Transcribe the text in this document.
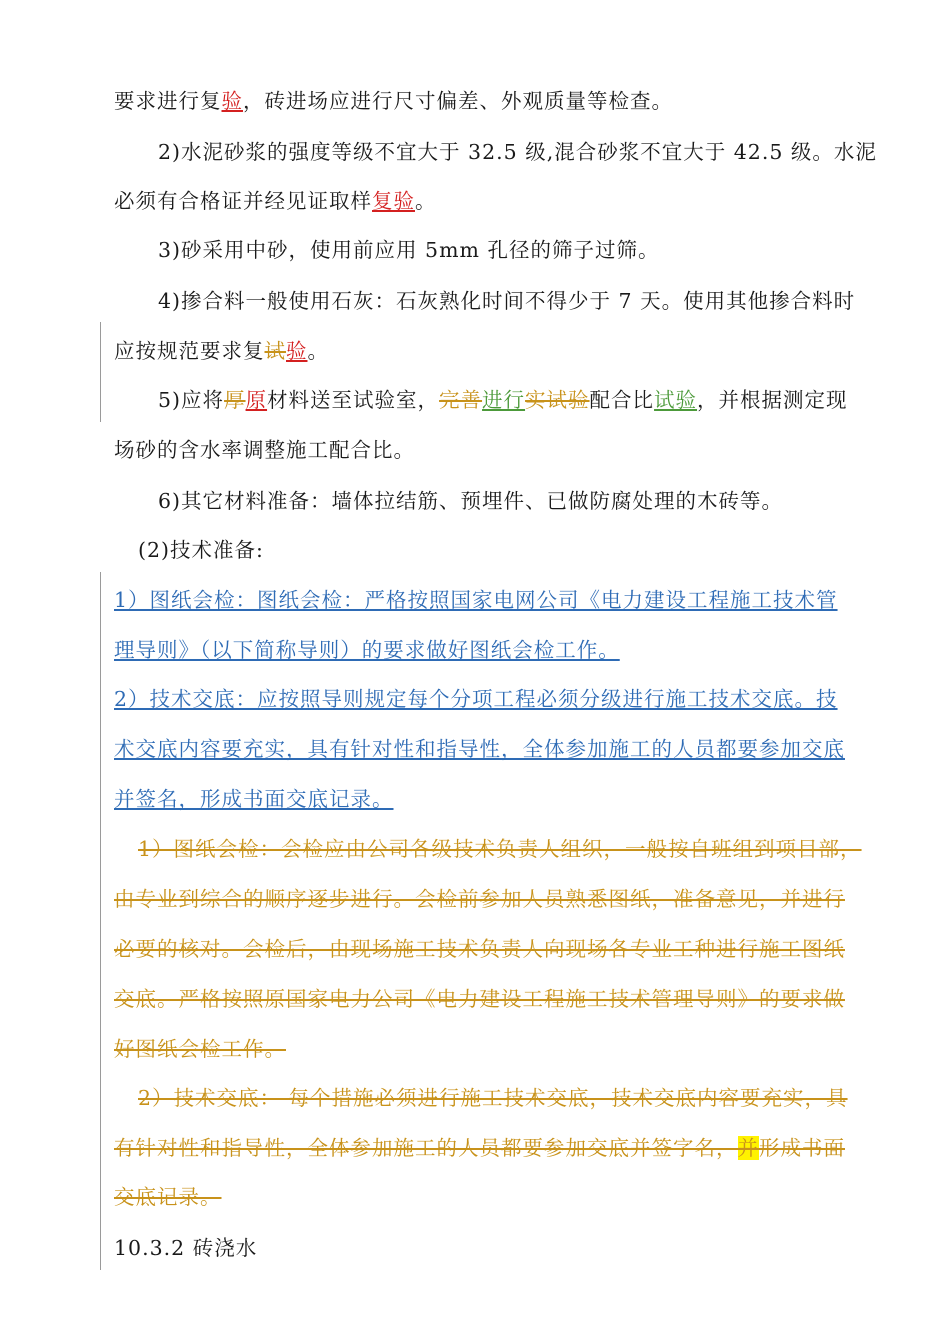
要求进行复验，砖进场应进行尺寸偏差、外观质量等检查。
2)水泥砂浆的强度等级不宜大于 32.5 级,混合砂浆不宜大于 42.5 级。水泥
必须有合格证并经见证取样复验。
3)砂采用中砂，使用前应用 5mm 孔径的筛子过筛。
4)掺合料一般使用石灰：石灰熟化时间不得少于 7 天。使用其他掺合料时
应按规范要求复试验。
5)应将厚原材料送至试验室，完善进行实试验配合比试验，并根据测定现
场砂的含水率调整施工配合比。
6)其它材料准备：墙体拉结筋、预埋件、已做防腐处理的木砖等。
(2)技术准备:
1）图纸会检：图纸会检：严格按照国家电网公司《电力建设工程施工技术管
理导则》（以下简称导则）的要求做好图纸会检工作。
2）技术交底：应按照导则规定每个分项工程必须分级进行施工技术交底。技
术交底内容要充实，具有针对性和指导性，全体参加施工的人员都要参加交底
并签名，形成书面交底记录。
1）图纸会检：会检应由公司各级技术负责人组织，一般按自班组到项目部，
由专业到综合的顺序逐步进行。会检前参加人员熟悉图纸，准备意见，并进行
必要的核对。会检后，由现场施工技术负责人向现场各专业工种进行施工图纸
交底。严格按照原国家电力公司《电力建设工程施工技术管理导则》的要求做
好图纸会检工作。
2）技术交底： 每个措施必须进行施工技术交底，技术交底内容要充实，具
有针对性和指导性，全体参加施工的人员都要参加交底并签字名，并形成书面
交底记录。
10.3.2 砖浇水
